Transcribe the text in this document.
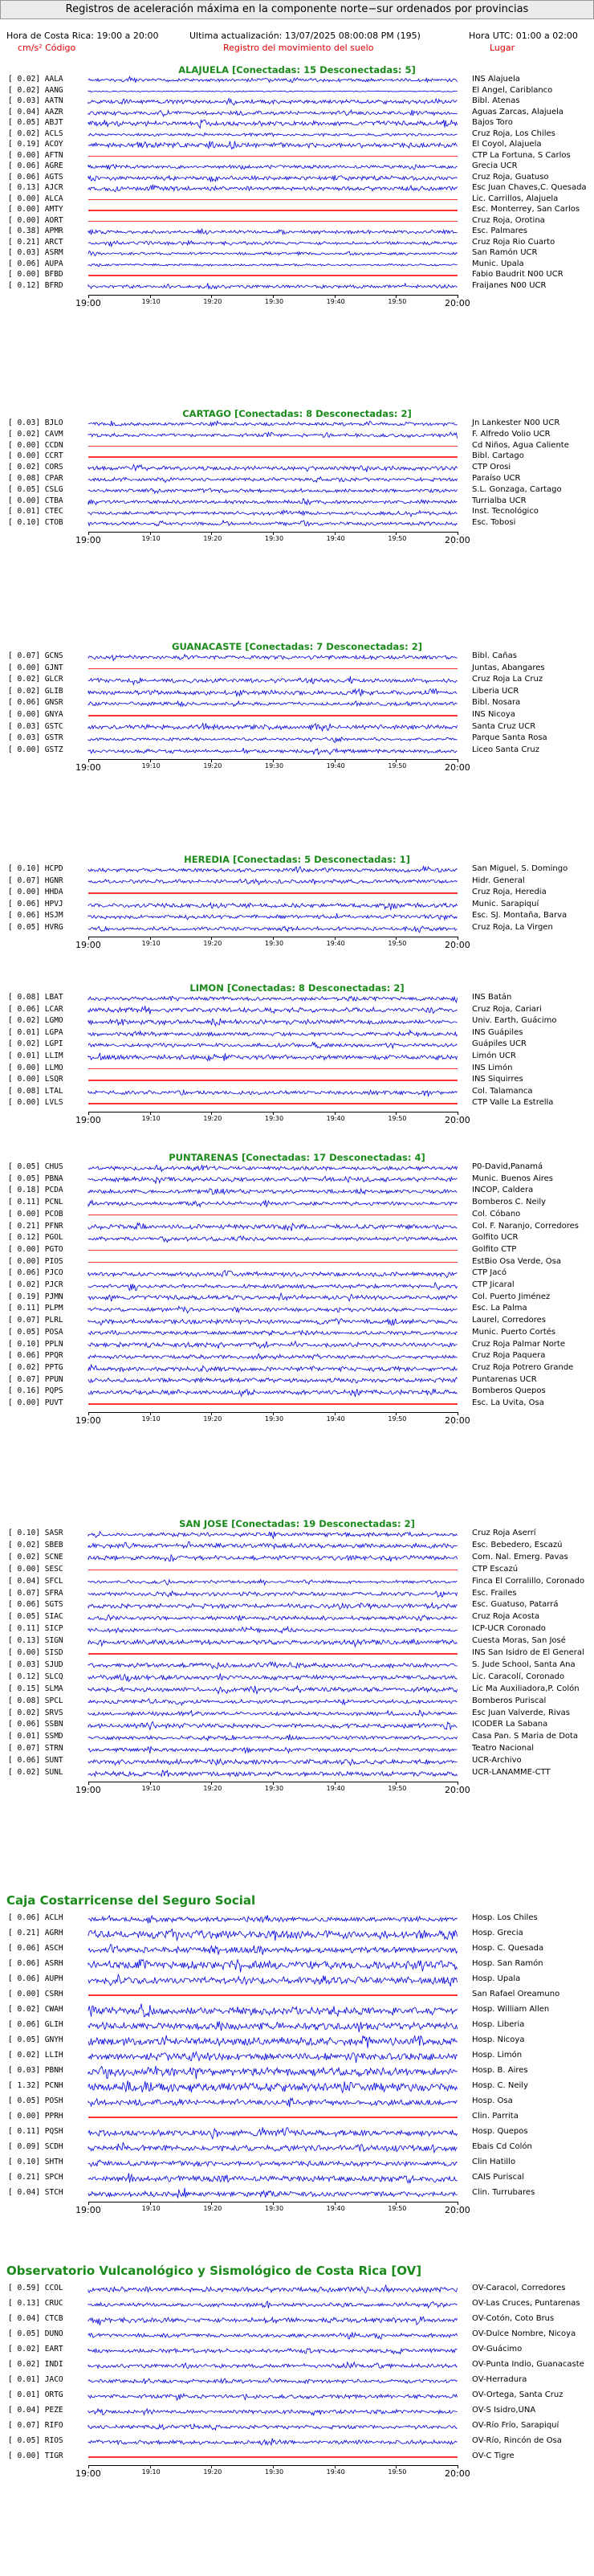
Registros de aceleración máxima en la componente norte−sur ordenados por provincias
Hora de Costa Rica: 19:00 a 20:00
cm/s² Código
Ultima actualización: 13/07/2025 08:00:08 PM (195)
Registro del movimiento del suelo
Hora UTC: 01:00 a 02:00
Lugar
ALAJUELA [Conectadas: 15 Desconectadas: 5]
[ 0.02] AALA	INS Alajuela
[ 0.02] AANG	El Angel, Cariblanco
[ 0.03] AATN	Bibl. Atenas
[ 0.04] AAZR	Aguas Zarcas, Alajuela
[ 0.05] ABJT	Bajos Toro
[ 0.02] ACLS	Cruz Roja, Los Chiles
[ 0.19] ACOY	El Coyol, Alajuela
[ 0.00] AFTN	CTP La Fortuna, S Carlos
[ 0.06] AGRE	Grecia UCR
[ 0.06] AGTS	Cruz Roja, Guatuso
[ 0.13] AJCR	Esc Juan Chaves,C. Quesada
[ 0.00] ALCA	Lic. Carrillos, Alajuela
[ 0.00] AMTY	Esc. Monterrey, San Carlos
[ 0.00] AORT	Cruz Roja, Orotina
[ 0.38] APMR	Esc. Palmares
[ 0.21] ARCT	Cruz Roja Rio Cuarto
[ 0.03] ASRM	San Ramón UCR
[ 0.06] AUPA	Munic. Upala
[ 0.00] BFBD	Fabio Baudrit N00 UCR
[ 0.12] BFRD	Fraijanes N00 UCR
19:00	19:10	19:20	19:30	19:40	19:50	20:00
CARTAGO [Conectadas: 8 Desconectadas: 2]
[ 0.03] BJLO	Jn Lankester N00 UCR
[ 0.02] CAVM	F. Alfredo Volio UCR
[ 0.00] CCDN	Cd Niños, Agua Caliente
[ 0.00] CCRT	Bibl. Cartago
[ 0.02] CORS	CTP Orosi
[ 0.08] CPAR	Paraíso UCR
[ 0.05] CSLG	S.L. Gonzaga, Cartago
[ 0.00] CTBA	Turrialba UCR
[ 0.01] CTEC	Inst. Tecnológico
[ 0.10] CTOB	Esc. Tobosi
19:00	19:10	19:20	19:30	19:40	19:50	20:00
GUANACASTE [Conectadas: 7 Desconectadas: 2]
[ 0.07] GCNS	Bibl. Cañas
[ 0.00] GJNT	Juntas, Abangares
[ 0.02] GLCR	Cruz Roja La Cruz
[ 0.02] GLIB	Liberia UCR
[ 0.06] GNSR	Bibl. Nosara
[ 0.00] GNYA	INS Nicoya
[ 0.03] GSTC	Santa Cruz UCR
[ 0.03] GSTR	Parque Santa Rosa
[ 0.00] GSTZ	Liceo Santa Cruz
19:00	19:10	19:20	19:30	19:40	19:50	20:00
HEREDIA [Conectadas: 5 Desconectadas: 1]
[ 0.10] HCPD	San Miguel, S. Domingo
[ 0.07] HGNR	Hidr. General
[ 0.00] HHDA	Cruz Roja, Heredia
[ 0.06] HPVJ	Munic. Sarapiquí
[ 0.06] HSJM	Esc. SJ. Montaña, Barva
[ 0.05] HVRG	Cruz Roja, La Virgen
19:00	19:10	19:20	19:30	19:40	19:50	20:00
LIMON [Conectadas: 8 Desconectadas: 2]
[ 0.08] LBAT	INS Batán
[ 0.06] LCAR	Cruz Roja, Cariari
[ 0.02] LGMO	Univ. Earth, Guácimo
[ 0.01] LGPA	INS Guápiles
[ 0.02] LGPI	Guápiles UCR
[ 0.01] LLIM	Limón UCR
[ 0.00] LLMO	INS Limón
[ 0.00] LSQR	INS Siquirres
[ 0.08] LTAL	Col. Talamanca
[ 0.00] LVLS	CTP Valle La Estrella
19:00	19:10	19:20	19:30	19:40	19:50	20:00
PUNTARENAS [Conectadas: 17 Desconectadas: 4]
[ 0.05] CHUS	P0-David,Panamá
[ 0.05] PBNA	Munic. Buenos Aires
[ 0.18] PCDA	INCOP, Caldera
[ 0.11] PCNL	Bomberos C. Neily
[ 0.00] PCOB	Col. Cóbano
[ 0.21] PFNR	Col. F. Naranjo, Corredores
[ 0.12] PGOL	Golfito UCR
[ 0.00] PGTO	Golfito CTP
[ 0.00] PIOS	EstBio Osa Verde, Osa
[ 0.06] PJCO	CTP Jacó
[ 0.02] PJCR	CTP Jicaral
[ 0.19] PJMN	Col. Puerto Jiménez
[ 0.11] PLPM	Esc. La Palma
[ 0.07] PLRL	Laurel, Corredores
[ 0.05] POSA	Munic. Puerto Cortés
[ 0.10] PPLN	Cruz Roja Palmar Norte
[ 0.06] PPQR	Cruz Roja Paquera
[ 0.02] PPTG	Cruz Roja Potrero Grande
[ 0.07] PPUN	Puntarenas UCR
[ 0.16] PQPS	Bomberos Quepos
[ 0.00] PUVT	Esc. La Uvita, Osa
19:00	19:10	19:20	19:30	19:40	19:50	20:00
SAN JOSE [Conectadas: 19 Desconectadas: 2]
[ 0.10] SASR	Cruz Roja Aserrí
[ 0.02] SBEB	Esc. Bebedero, Escazú
[ 0.02] SCNE	Com. Nal. Emerg. Pavas
[ 0.00] SESC	CTP Escazú
[ 0.04] SFCL	Finca El Corralillo, Coronado
[ 0.07] SFRA	Esc. Frailes
[ 0.06] SGTS	Esc. Guatuso, Patarrá
[ 0.05] SIAC	Cruz Roja Acosta
[ 0.11] SICP	ICP-UCR Coronado
[ 0.13] SIGN	Cuesta Moras, San José
[ 0.00] SISD	INS San Isidro de El General
[ 0.03] SJUD	S. Jude School, Santa Ana
[ 0.12] SLCQ	Lic. Caracolí, Coronado
[ 0.15] SLMA	Lic Ma Auxiliadora,P. Colón
[ 0.08] SPCL	Bomberos Puriscal
[ 0.02] SRVS	Esc Juan Valverde, Rivas
[ 0.06] SSBN	ICODER La Sabana
[ 0.01] SSMD	Casa Pan. S Maria de Dota
[ 0.07] STRN	Teatro Nacional
[ 0.06] SUNT	UCR-Archivo
[ 0.02] SUNL	UCR-LANAMME-CTT
19:00	19:10	19:20	19:30	19:40	19:50	20:00
Caja Costarricense del Seguro Social
[ 0.06] ACLH	Hosp. Los Chiles
[ 0.21] AGRH	Hosp. Grecia
[ 0.06] ASCH	Hosp. C. Quesada
[ 0.06] ASRH	Hosp. San Ramón
[ 0.06] AUPH	Hosp. Upala
[ 0.00] CSRH	San Rafael Oreamuno
[ 0.02] CWAH	Hosp. William Allen
[ 0.06] GLIH	Hosp. Liberia
[ 0.05] GNYH	Hosp. Nicoya
[ 0.02] LLIH	Hosp. Limón
[ 0.03] PBNH	Hosp. B. Aires
[ 1.32] PCNH	Hosp. C. Neily
[ 0.05] POSH	Hosp. Osa
[ 0.00] PPRH	Clin. Parrita
[ 0.11] PQSH	Hosp. Quepos
[ 0.09] SCDH	Ebais Cd Colón
[ 0.10] SHTH	Clin Hatillo
[ 0.21] SPCH	CAIS Puriscal
[ 0.04] STCH	Clin. Turrubares
19:00	19:10	19:20	19:30	19:40	19:50	20:00
Observatorio Vulcanológico y Sismológico de Costa Rica [OV]
[ 0.59] CCOL	OV-Caracol, Corredores
[ 0.13] CRUC	OV-Las Cruces, Puntarenas
[ 0.04] CTCB	OV-Cotón, Coto Brus
[ 0.05] DUNO	OV-Dulce Nombre, Nicoya
[ 0.02] EART	OV-Guácimo
[ 0.02] INDI	OV-Punta Indio, Guanacaste
[ 0.01] JACO	OV-Herradura
[ 0.01] ORTG	OV-Ortega, Santa Cruz
[ 0.04] PEZE	OV-S Isidro,UNA
[ 0.07] RIFO	OV-Río Frío, Sarapiquí
[ 0.05] RIOS	OV-Río, Rincón de Osa
[ 0.00] TIGR	OV-C Tigre
19:00	19:10	19:20	19:30	19:40	19:50	20:00
